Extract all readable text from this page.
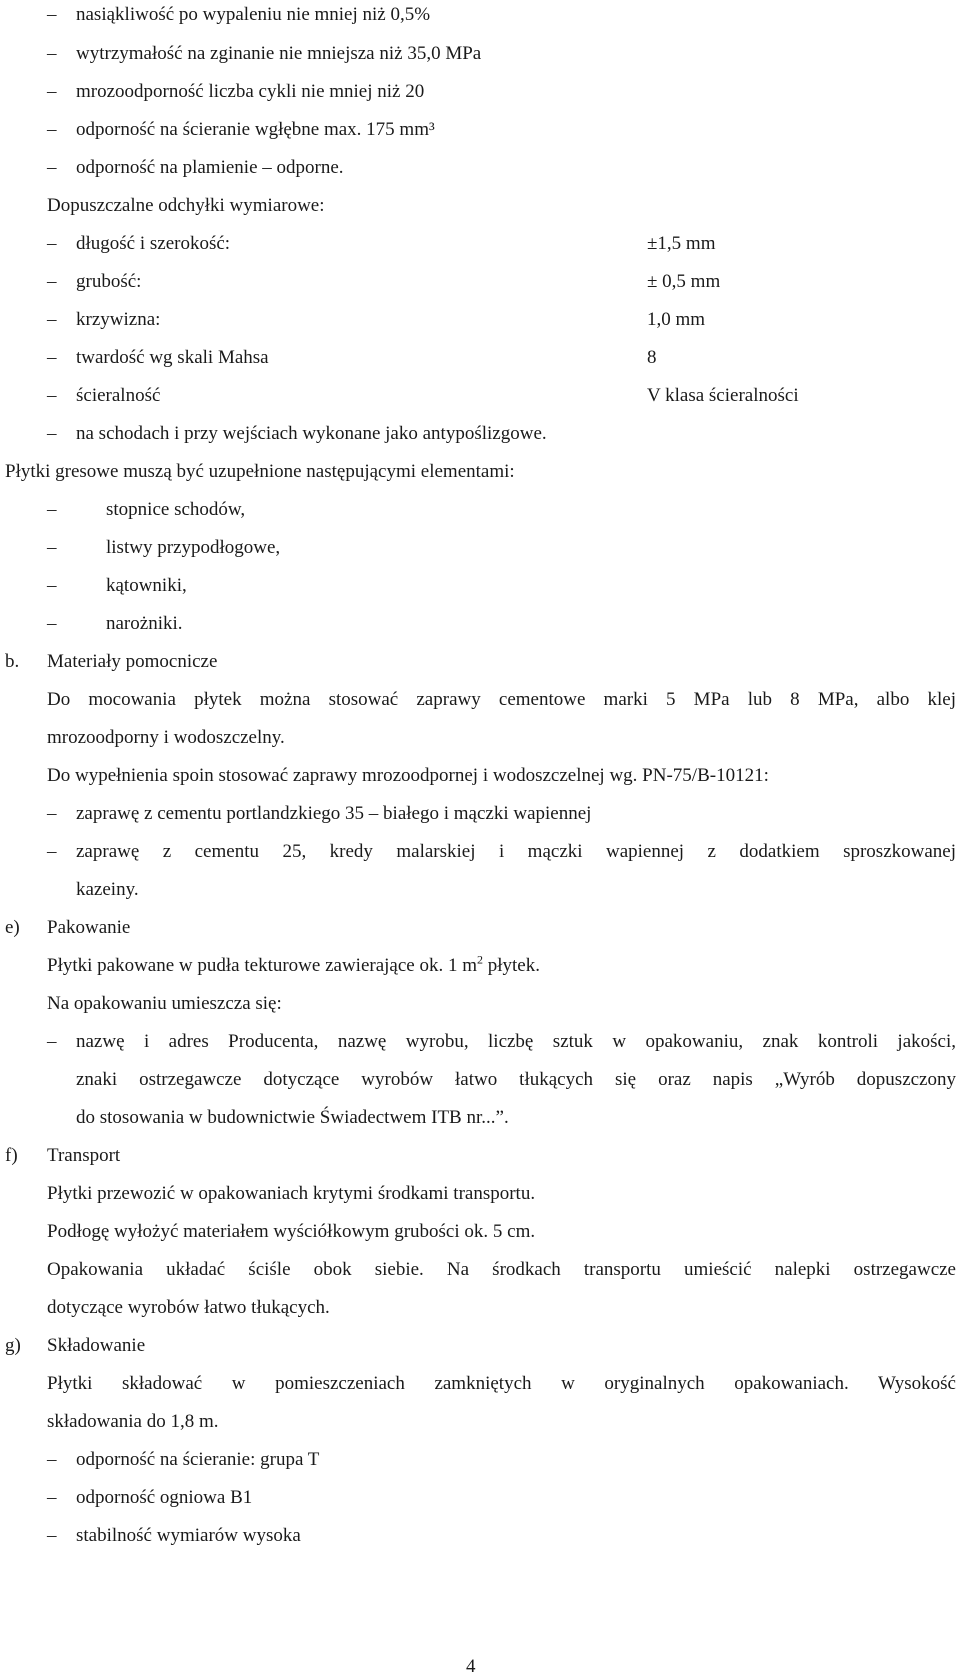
– nasiąkliwość po wypaleniu nie mniej niż 0,5%
– wytrzymałość na zginanie nie mniejsza niż 35,0 MPa
– mrozoodporność liczba cykli nie mniej niż 20
– odporność na ścieranie wgłębne max. 175 mm³
– odporność na plamienie – odporne.
Dopuszczalne odchyłki wymiarowe:
– długość i szerokość:	±1,5 mm
– grubość:	± 0,5 mm
– krzywizna:	1,0 mm
– twardość wg skali Mahsa	8
– ścieralność	V klasa ścieralności
– na schodach i przy wejściach wykonane jako antypoślizgowe.
Płytki gresowe muszą być uzupełnione następującymi elementami:
–	stopnice schodów,
–	listwy przypodłogowe,
–	kątowniki,
–	narożniki.
b. Materiały pomocnicze
Do mocowania płytek można stosować zaprawy cementowe marki 5 MPa lub 8 MPa, albo klej
mrozoodporny i wodoszczelny.
Do wypełnienia spoin stosować zaprawy mrozoodpornej i wodoszczelnej wg. PN-75/B-10121:
– zaprawę z cementu portlandzkiego 35 – białego i mączki wapiennej
– zaprawę z cementu 25, kredy malarskiej i mączki wapiennej z dodatkiem sproszkowanej
kazeiny.
e) Pakowanie
Płytki pakowane w pudła tekturowe zawierające ok. 1 $m^2$ płytek.
Na opakowaniu umieszcza się:
– nazwę i adres Producenta, nazwę wyrobu, liczbę sztuk w opakowaniu, znak kontroli jakości,
znaki ostrzegawcze dotyczące wyrobów łatwo tłukących się oraz napis „Wyrób dopuszczony
do stosowania w budownictwie Świadectwem ITB nr...”.
f) Transport
Płytki przewozić w opakowaniach krytymi środkami transportu.
Podłogę wyłożyć materiałem wyściółkowym grubości ok. 5 cm.
Opakowania układać ściśle obok siebie. Na środkach transportu umieścić nalepki ostrzegawcze
dotyczące wyrobów łatwo tłukących.
g) Składowanie
Płytki składować w pomieszczeniach zamkniętych w oryginalnych opakowaniach. Wysokość
składowania do 1,8 m.
– odporność na ścieranie: grupa T
– odporność ogniowa B1
– stabilność wymiarów wysoka
4
